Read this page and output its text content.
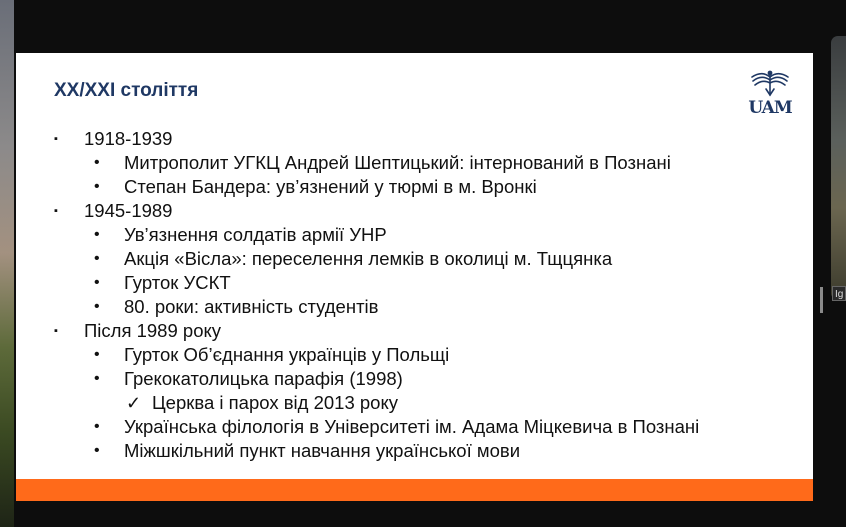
Ig
XX/XXI століття
UAM
▪ 1918-1939
• Митрополит УГКЦ Андрей Шептицький: інтернований в Познані
• Степан Бандера: ув’язнений у тюрмі в м. Вронкі
▪ 1945-1989
• Ув’язнення солдатів армії УНР
• Акція «Вісла»: переселення лемків в околиці м. Тщцянка
• Гурток УСКТ
• 80. роки: активність студентів
▪ Після 1989 року
• Гурток Об’єднання українців у Польщі
• Грекокатолицька парафія (1998)
✓ Церква і парох від 2013 року
• Українська філологія в Університеті ім. Адама Міцкевича в Познані
• Міжшкільний пункт навчання української мови
